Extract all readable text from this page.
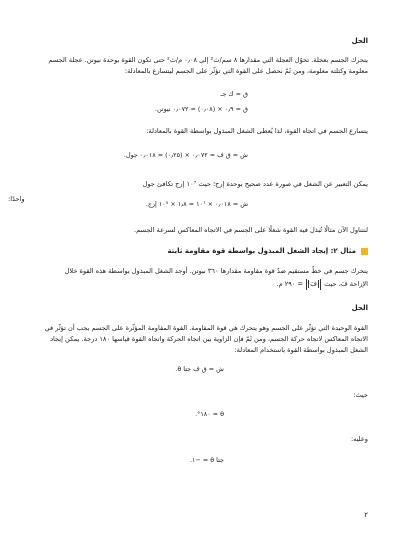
الحل

يتحرك الجسم بعجلة. تحوّل العجلة التي مقدارها ٨ سم/ث² إلى ٠٫٠٨ م/ث² حتى تكون القوة بوحدة نيوتن. عجلة الجسم معلومة وكتلته معلومة، ومن ثَمّ نحصل على القوة التي تؤثّر على الجسم ليتسارع بالمعادلة:

ق = ك جـ

ق = ٠٫٩ × (٠٫٠٨) = ٠٫٠٧٢ نيوتن.

يتسارع الجسم في اتجاه القوة، لذا يُعطى الشغل المبذول بواسطة القوة بالمعادلة:

ش = ق ف = ٠٫٠٧٢ × (٠٫٢٥) = ٠٫٠١٨ جول.

يمكن التعبير عن الشغل في صورة عدد صحيح بوحدة إرج؛ حيث ١٠⁷ إرج تكافئ جول

واحدًا:

ش = ٠٫٠١٨ × ١٠⁷ = ١٫٨ × ١٠⁵ إرج.

لنتناول الآن مثالًا تُبذل فيه القوة شغلًا على الجسم في الاتجاه المعاكس لسرعة الجسم.

مثال ٢: إيجاد الشغل المبذول بواسطة قوة مقاومة ثابتة

يتحرك جسم في خطّ مستقيم ضدّ قوة مقاومة مقدارها ٣٦٠ نيوتن. أوجد الشغل المبذول بواسطة هذه القوة خلال

الإزاحة فَ، حيث فَ = ٢٩٠ م.

الحل

القوة الوحيدة التي تؤثّر على الجسم وهو يتحرك هي قوة المقاومة. القوة المقاومة المؤثّرة على الجسم يجب أن تؤثّر في الاتجاه المعاكس لاتجاه حركة الجسم، ومن ثَمّ فإن الزاوية بين اتجاه الحركة واتجاه القوة قياسها ١٨٠ درجة. يمكن إيجاد الشغل المبذول بواسطة القوة باستخدام المعادلة:

ش = ق ف جتا θ.

حيث:

θ = ١٨٠°.

وعليه:

جتا θ = −١.

٢
